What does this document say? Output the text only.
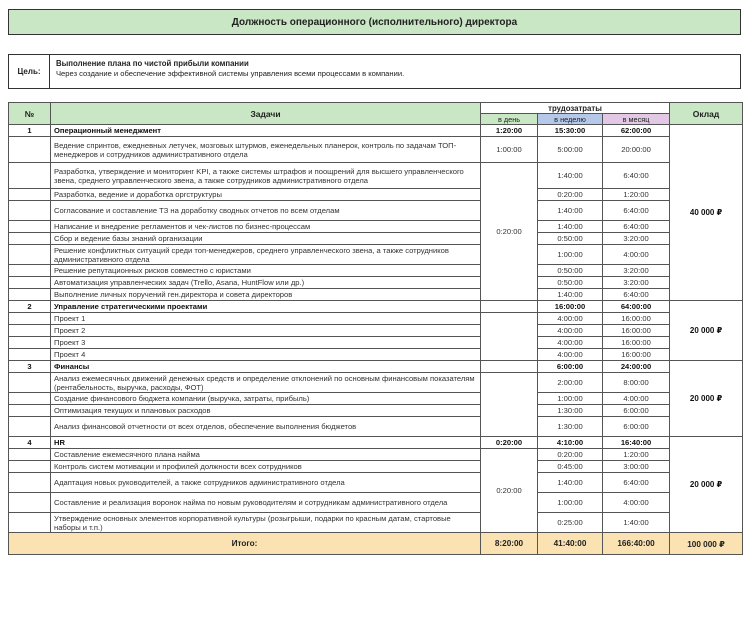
Должность операционного (исполнительного) директора
Цель:
Выполнение плана по чистой прибыли компании
Через создание и обеспечение эффективной системы управления всеми процессами в компании.
№	Задачи	трудозатраты			Оклад
		в день	в неделю	в месяц	
1	Операционный менеджмент	1:20:00	15:30:00	62:00:00	40 000 ₽
	Ведение спринтов, ежедневных летучек, мозговых штурмов, еженедельных планерок, контроль по задачам ТОП-менеджеров и сотрудников административного отдела	1:00:00	5:00:00	20:00:00	
	Разработка, утверждение и мониторинг KPI, а также системы штрафов и поощрений для высшего управленческого звена, среднего управленческого звена, а также сотрудников административного отдела	0:20:00	1:40:00	6:40:00	
	Разработка, ведение и доработка оргструктуры		0:20:00	1:20:00	
	Согласование и составление ТЗ на доработку сводных отчетов по всем отделам		1:40:00	6:40:00	
	Написание и внедрение регламентов и чек-листов по бизнес-процессам		1:40:00	6:40:00	
	Сбор и ведение базы знаний организации		0:50:00	3:20:00	
	Решение конфликтных ситуаций среди топ-менеджеров, среднего управленческого звена, а также сотрудников административного отдела		1:00:00	4:00:00	
	Решение репутационных рисков совместно с юристами		0:50:00	3:20:00	
	Автоматизация управленческих задач (Trello, Asana, HuntFlow или др.)		0:50:00	3:20:00	
	Выполнение личных поручений ген.директора и совета директоров		1:40:00	6:40:00	
2	Управление стратегическими проектами		16:00:00	64:00:00	20 000 ₽
	Проект 1		4:00:00	16:00:00	
	Проект 2		4:00:00	16:00:00	
	Проект 3		4:00:00	16:00:00	
	Проект 4		4:00:00	16:00:00	
3	Финансы		6:00:00	24:00:00	20 000 ₽
	Анализ ежемесячных движений денежных средств и определение отклонений по основным финансовым показателям (рентабельность, выручка, расходы, ФОТ)		2:00:00	8:00:00	
	Создание финансового бюджета компании (выручка, затраты, прибыль)		1:00:00	4:00:00	
	Оптимизация текущих и плановых расходов		1:30:00	6:00:00	
	Анализ финансовой отчетности от всех отделов, обеспечение выполнения бюджетов		1:30:00	6:00:00	
4	HR	0:20:00	4:10:00	16:40:00	20 000 ₽
	Составление ежемесячного плана найма	0:20:00	0:20:00	1:20:00	
	Контроль систем мотивации и профилей должности всех сотрудников		0:45:00	3:00:00	
	Адаптация новых руководителей, а также сотрудников административного отдела		1:40:00	6:40:00	
	Составление и реализация воронок найма по новым руководителям и сотрудникам административного отдела		1:00:00	4:00:00	
	Утверждение основных элементов корпоративной культуры (розыгрыши, подарки по красным датам, стартовые наборы и т.п.)		0:25:00	1:40:00	
Итого:		8:20:00	41:40:00	166:40:00	100 000 ₽
